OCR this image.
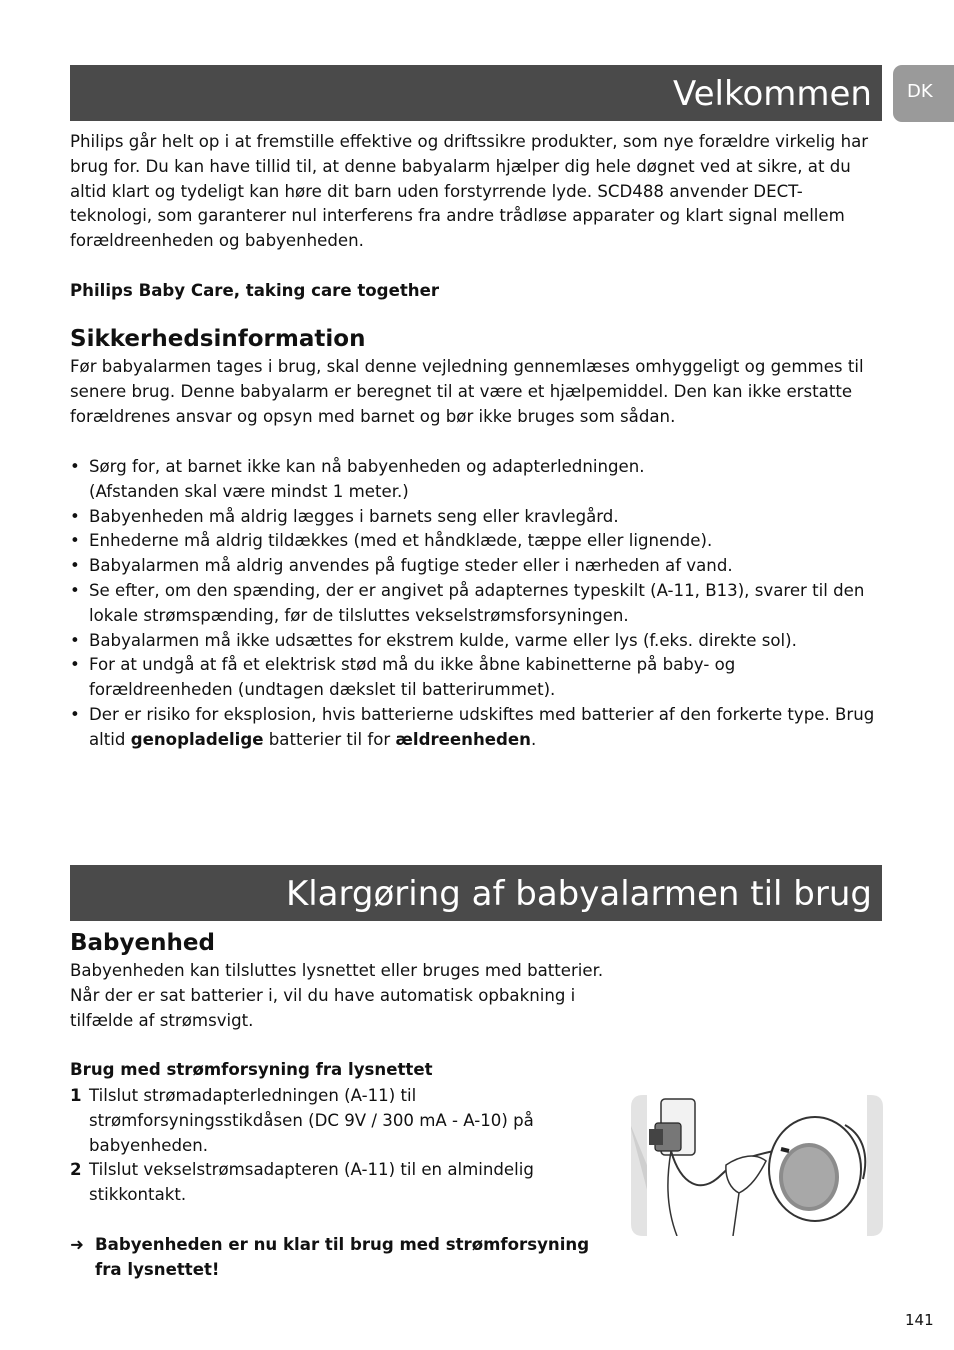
Velkommen	DK

Philips går helt op i at fremstille effektive og driftssikre produkter, som nye forældre virkelig har brug for. Du kan have tillid til, at denne babyalarm hjælper dig hele døgnet ved at sikre, at du altid klart og tydeligt kan høre dit barn uden forstyrrende lyde. SCD488 anvender DECT-teknologi, som garanterer nul interferens fra andre trådløse apparater og klart signal mellem forældreenheden og babyenheden.

Philips Baby Care, taking care together

Sikkerhedsinformation

Før babyalarmen tages i brug, skal denne vejledning gennemlæses omhyggeligt og gemmes til senere brug. Denne babyalarm er beregnet til at være et hjælpemiddel. Den kan ikke erstatte forældrenes ansvar og opsyn med barnet og bør ikke bruges som sådan.

• Sørg for, at barnet ikke kan nå babyenheden og adapterledningen.
(Afstanden skal være mindst 1 meter.)
• Babyenheden må aldrig lægges i barnets seng eller kravlegård.
• Enhederne må aldrig tildækkes (med et håndklæde, tæppe eller lignende).
• Babyalarmen må aldrig anvendes på fugtige steder eller i nærheden af vand.
• Se efter, om den spænding, der er angivet på adapternes typeskilt (A-11, B13), svarer til den lokale strømspænding, før de tilsluttes vekselstrømsforsyningen.
• Babyalarmen må ikke udsættes for ekstrem kulde, varme eller lys (f.eks. direkte sol).
• For at undgå at få et elektrisk stød må du ikke åbne kabinetterne på baby- og forældreenheden (undtagen dækslet til batterirummet).
• Der er risiko for eksplosion, hvis batterierne udskiftes med batterier af den forkerte type. Brug altid genopladelige batterier til for ældreenheden.
Klargøring af babyalarmen til brug
Babyenhed

Babyenheden kan tilsluttes lysnettet eller bruges med batterier. Når der er sat batterier i, vil du have automatisk opbakning i tilfælde af strømsvigt.

Brug med strømforsyning fra lysnettet

1 Tilslut strømadapterledningen (A-11) til strømforsyningsstikdåsen (DC 9V / 300 mA - A-10) på babyenheden.
2 Tilslut vekselstrømsadapteren (A-11) til en almindelig stikkontakt.
➜ Babyenheden er nu klar til brug med strømforsyning fra lysnettet!
141
